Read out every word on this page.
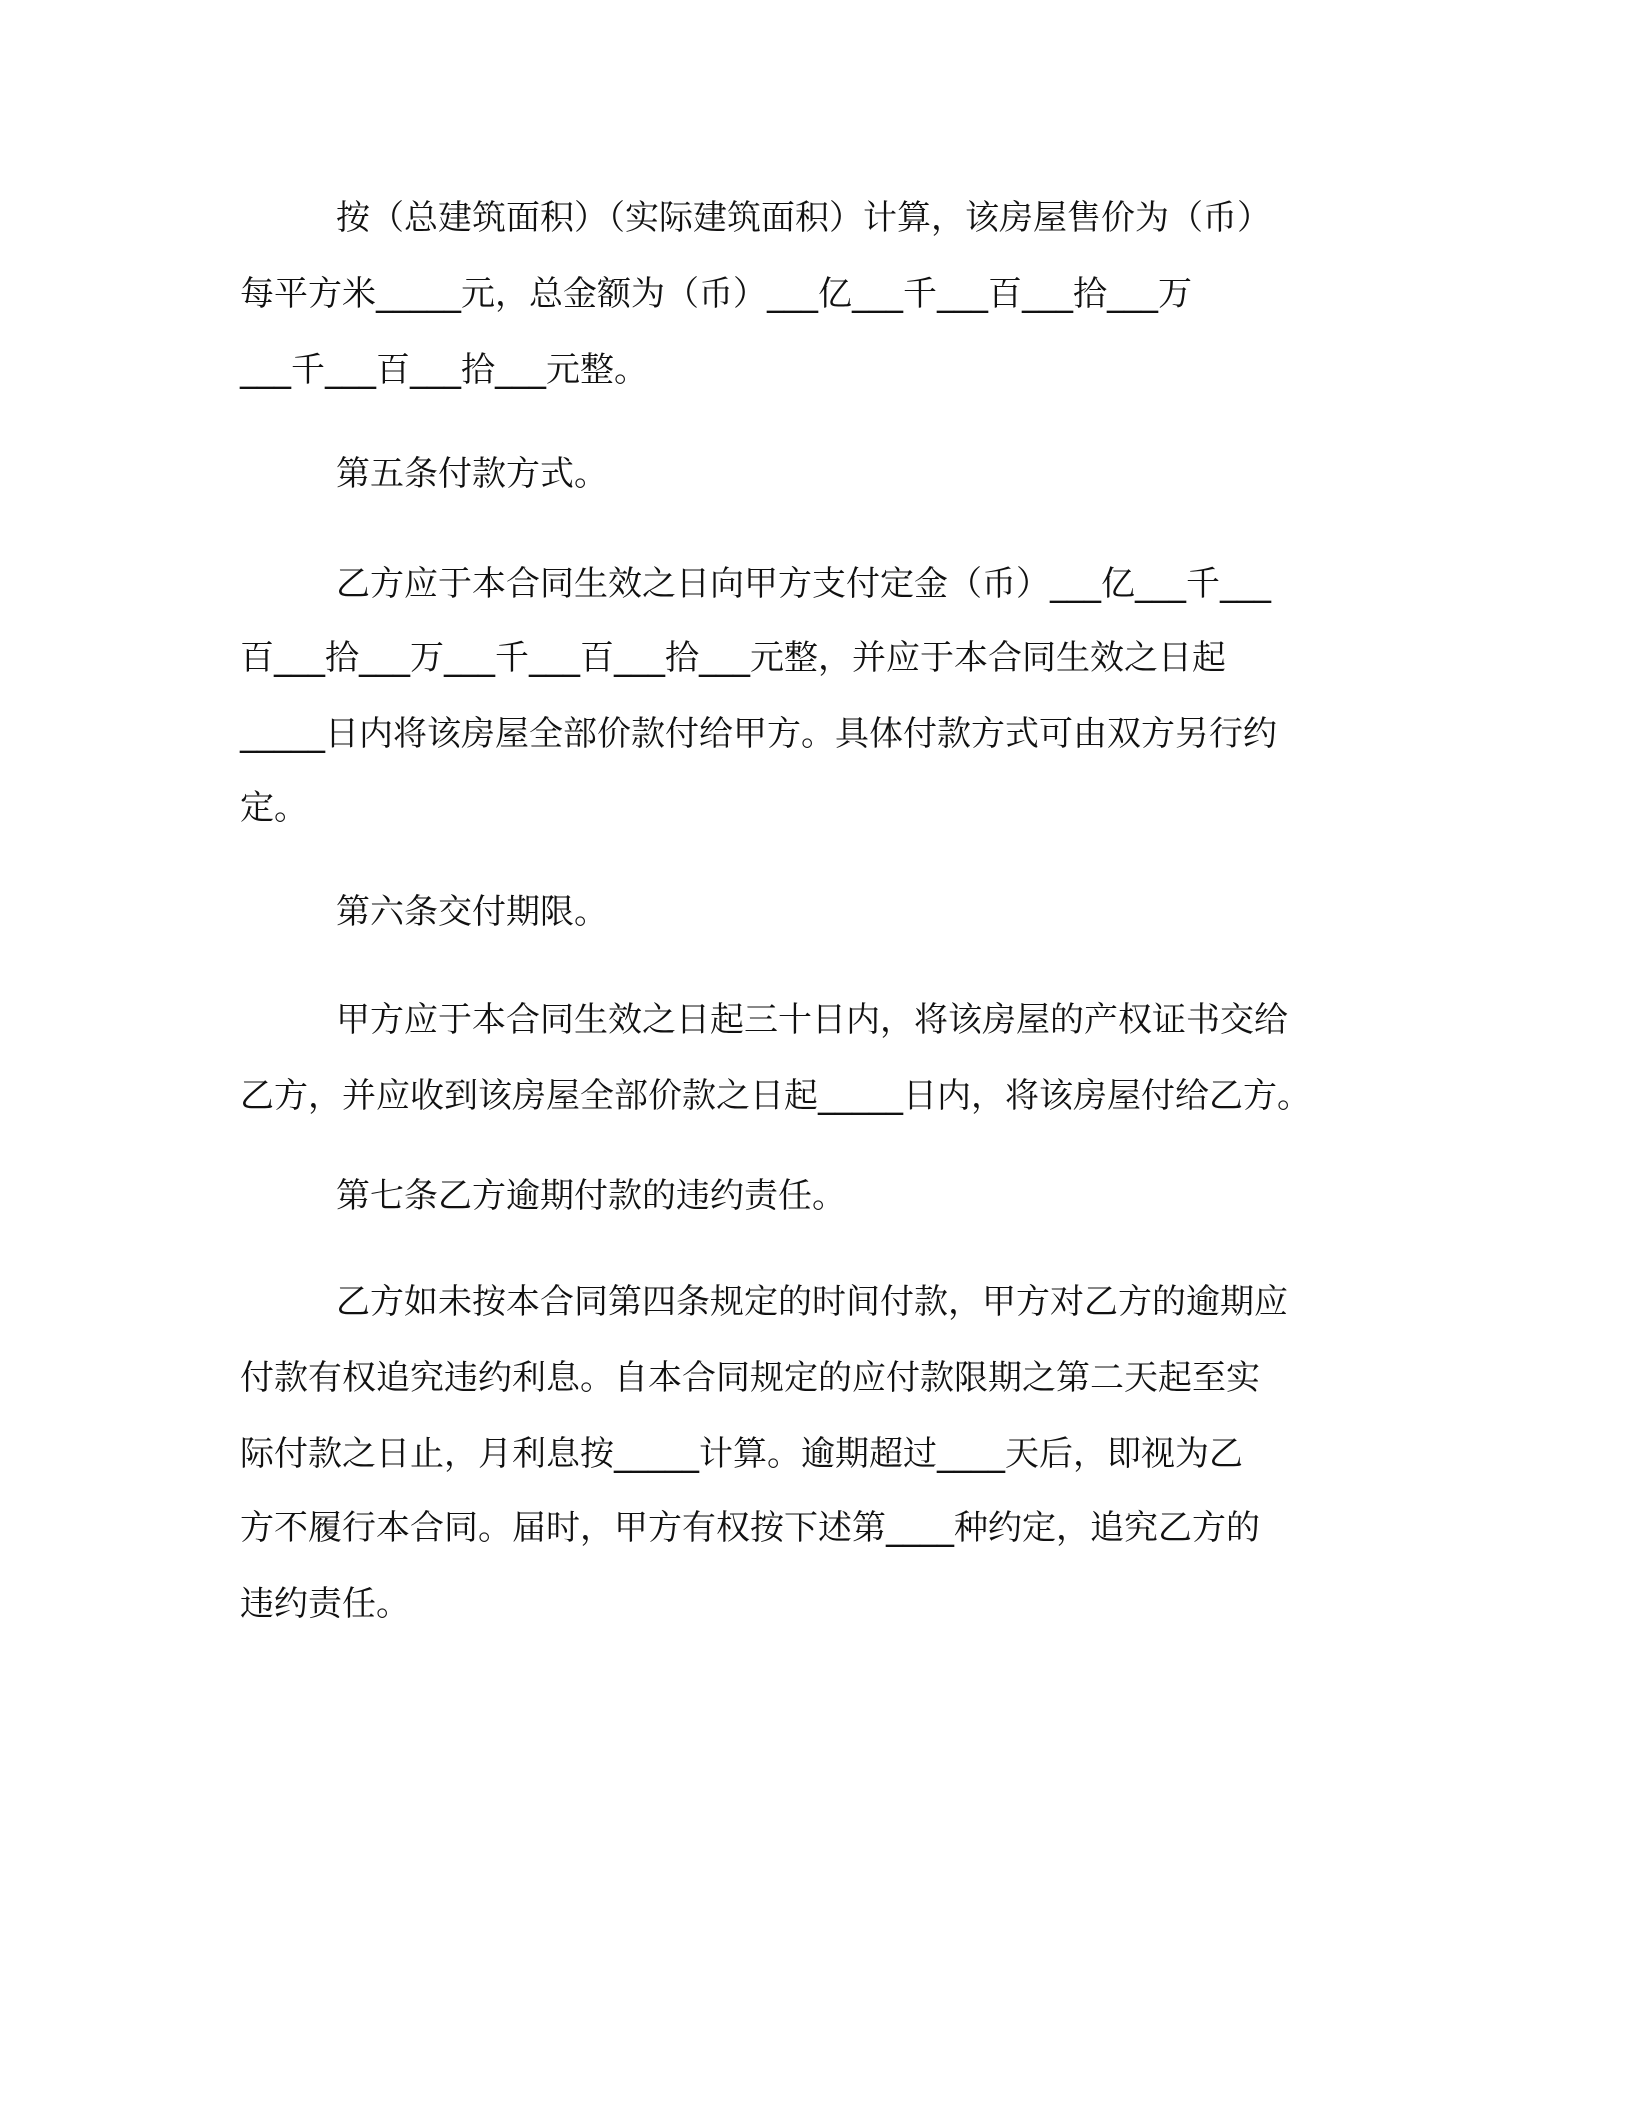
按（总建筑面积）（实际建筑面积）计算，该房屋售价为（币）

每平方米_____元，总金额为（币）___亿___千___百___拾___万

___千___百___拾___元整。

第五条付款方式。

乙方应于本合同生效之日向甲方支付定金（币）___亿___千___

百___拾___万___千___百___拾___元整，并应于本合同生效之日起

_____日内将该房屋全部价款付给甲方。具体付款方式可由双方另行约

定。

第六条交付期限。

甲方应于本合同生效之日起三十日内，将该房屋的产权证书交给

乙方，并应收到该房屋全部价款之日起_____日内，将该房屋付给乙方。

第七条乙方逾期付款的违约责任。

乙方如未按本合同第四条规定的时间付款，甲方对乙方的逾期应

付款有权追究违约利息。自本合同规定的应付款限期之第二天起至实

际付款之日止，月利息按_____计算。逾期超过____天后，即视为乙

方不履行本合同。届时，甲方有权按下述第____种约定，追究乙方的

违约责任。
